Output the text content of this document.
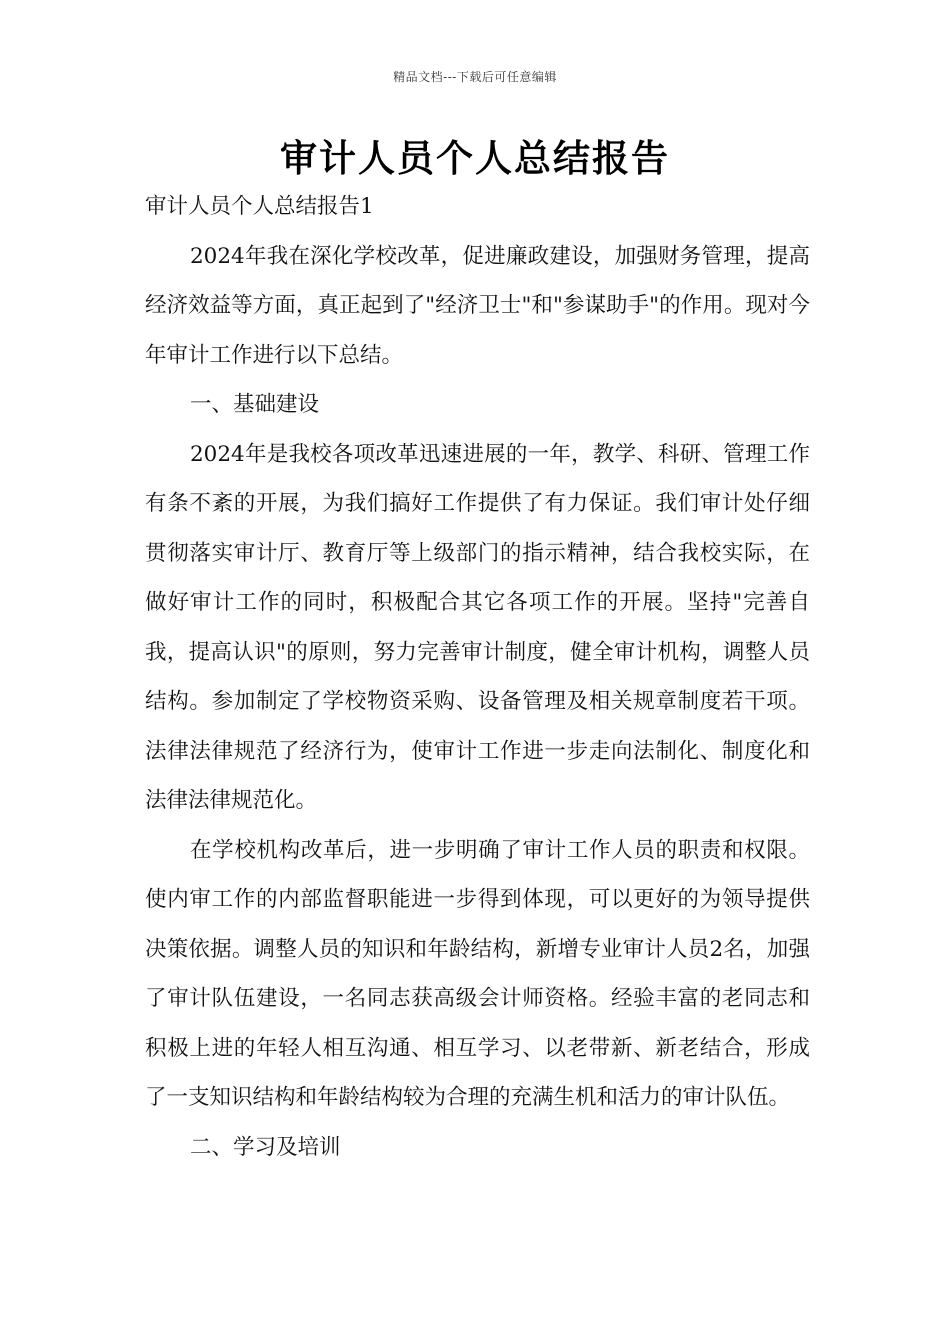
精品文档---下载后可任意编辑
审计人员个人总结报告

审计人员个人总结报告1

2024年我在深化学校改革，促进廉政建设，加强财务管理，提高经济效益等方面，真正起到了"经济卫士"和"参谋助手"的作用。现对今年审计工作进行以下总结。

一、基础建设

2024年是我校各项改革迅速进展的一年，教学、科研、管理工作有条不紊的开展，为我们搞好工作提供了有力保证。我们审计处仔细贯彻落实审计厅、教育厅等上级部门的指示精神，结合我校实际，在做好审计工作的同时，积极配合其它各项工作的开展。坚持"完善自我，提高认识"的原则，努力完善审计制度，健全审计机构，调整人员结构。参加制定了学校物资采购、设备管理及相关规章制度若干项。法律法律规范了经济行为，使审计工作进一步走向法制化、制度化和法律法律规范化。

在学校机构改革后，进一步明确了审计工作人员的职责和权限。使内审工作的内部监督职能进一步得到体现，可以更好的为领导提供决策依据。调整人员的知识和年龄结构，新增专业审计人员2名，加强了审计队伍建设，一名同志获高级会计师资格。经验丰富的老同志和积极上进的年轻人相互沟通、相互学习、以老带新、新老结合，形成了一支知识结构和年龄结构较为合理的充满生机和活力的审计队伍。

二、学习及培训
